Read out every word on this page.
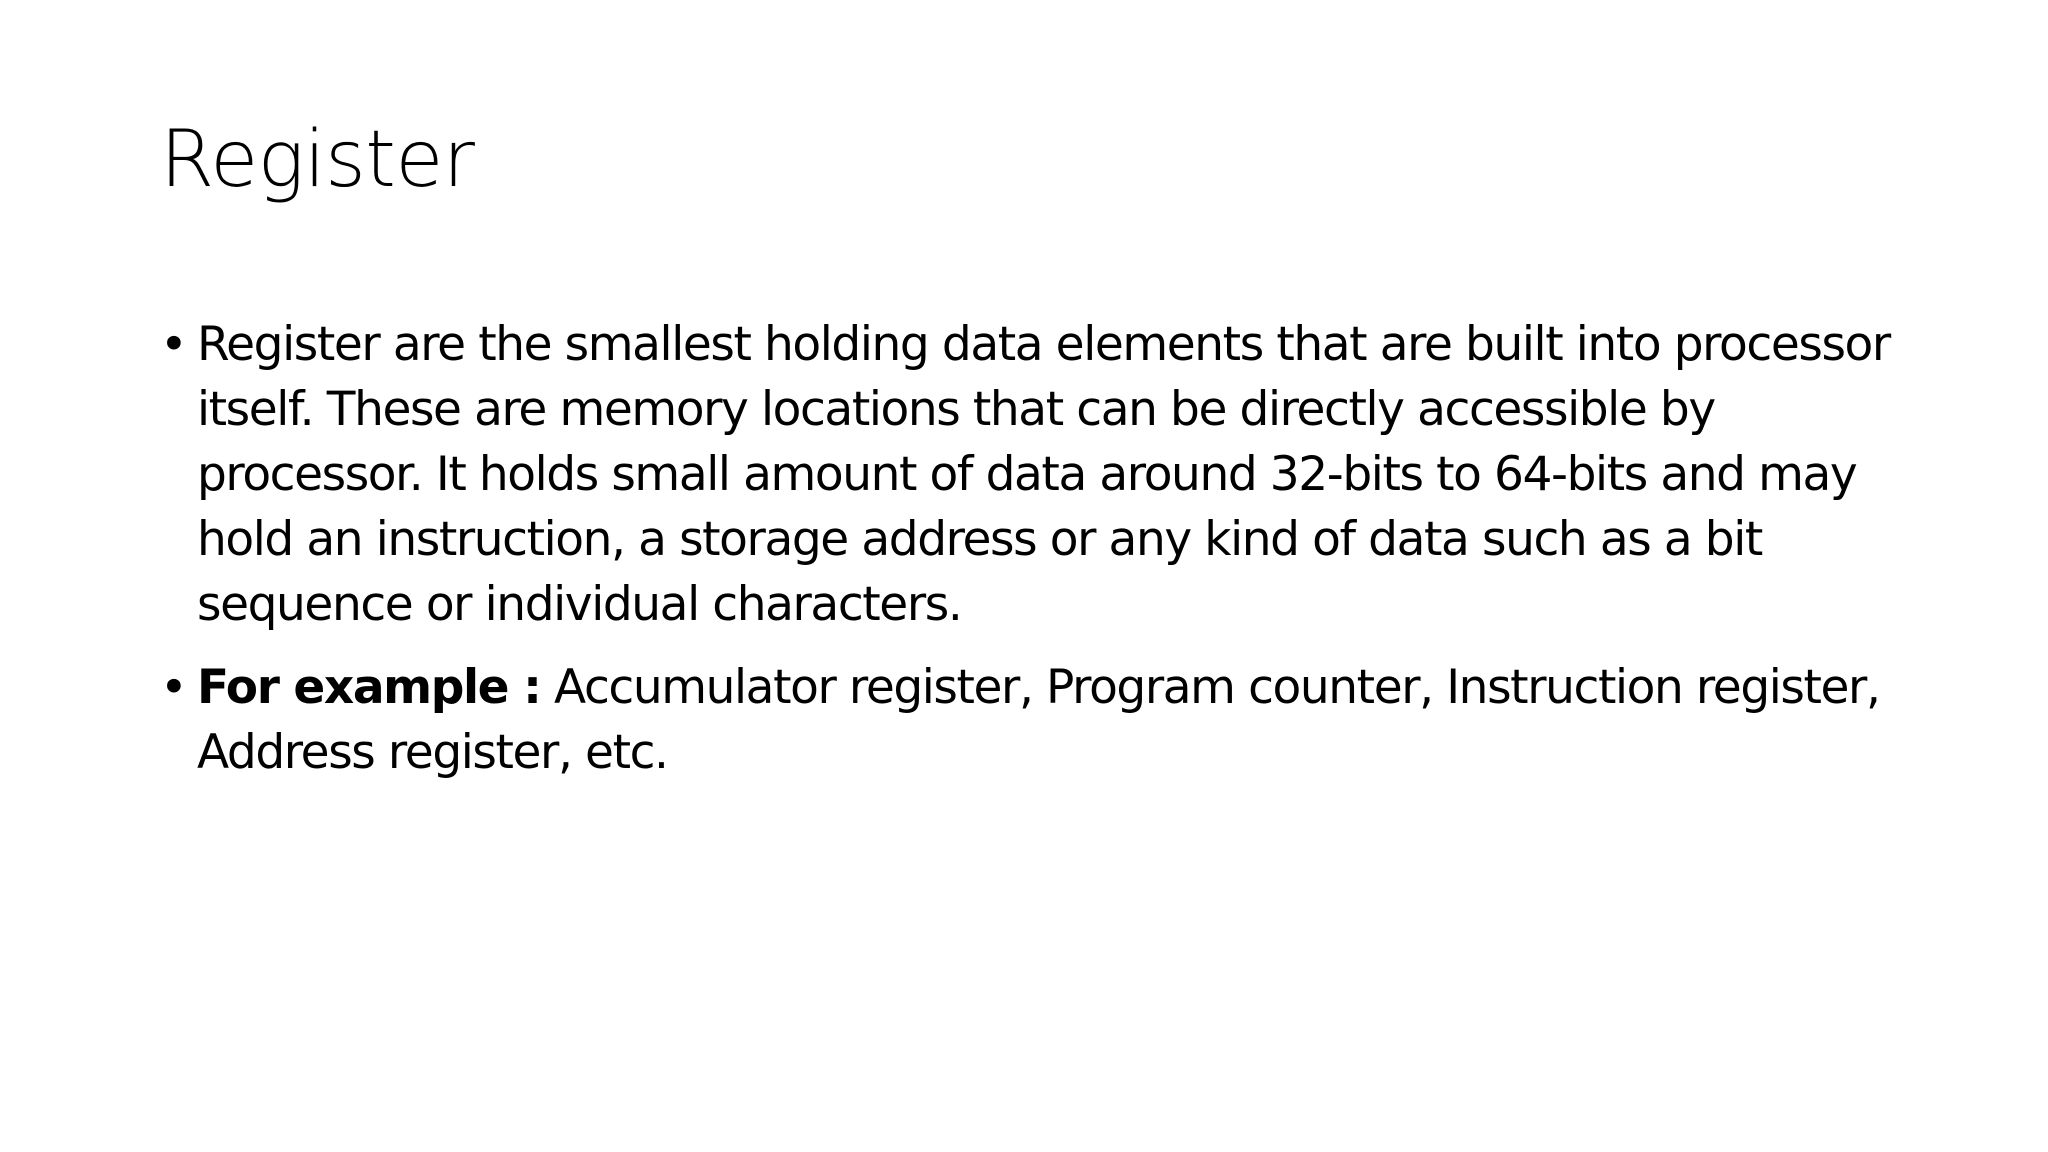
Register
• Register are the smallest holding data elements that are built into processor itself. These are memory locations that can be directly accessible by processor. It holds small amount of data around 32-bits to 64-bits and may hold an instruction, a storage address or any kind of data such as a bit sequence or individual characters.
• For example : Accumulator register, Program counter, Instruction register, Address register, etc.
